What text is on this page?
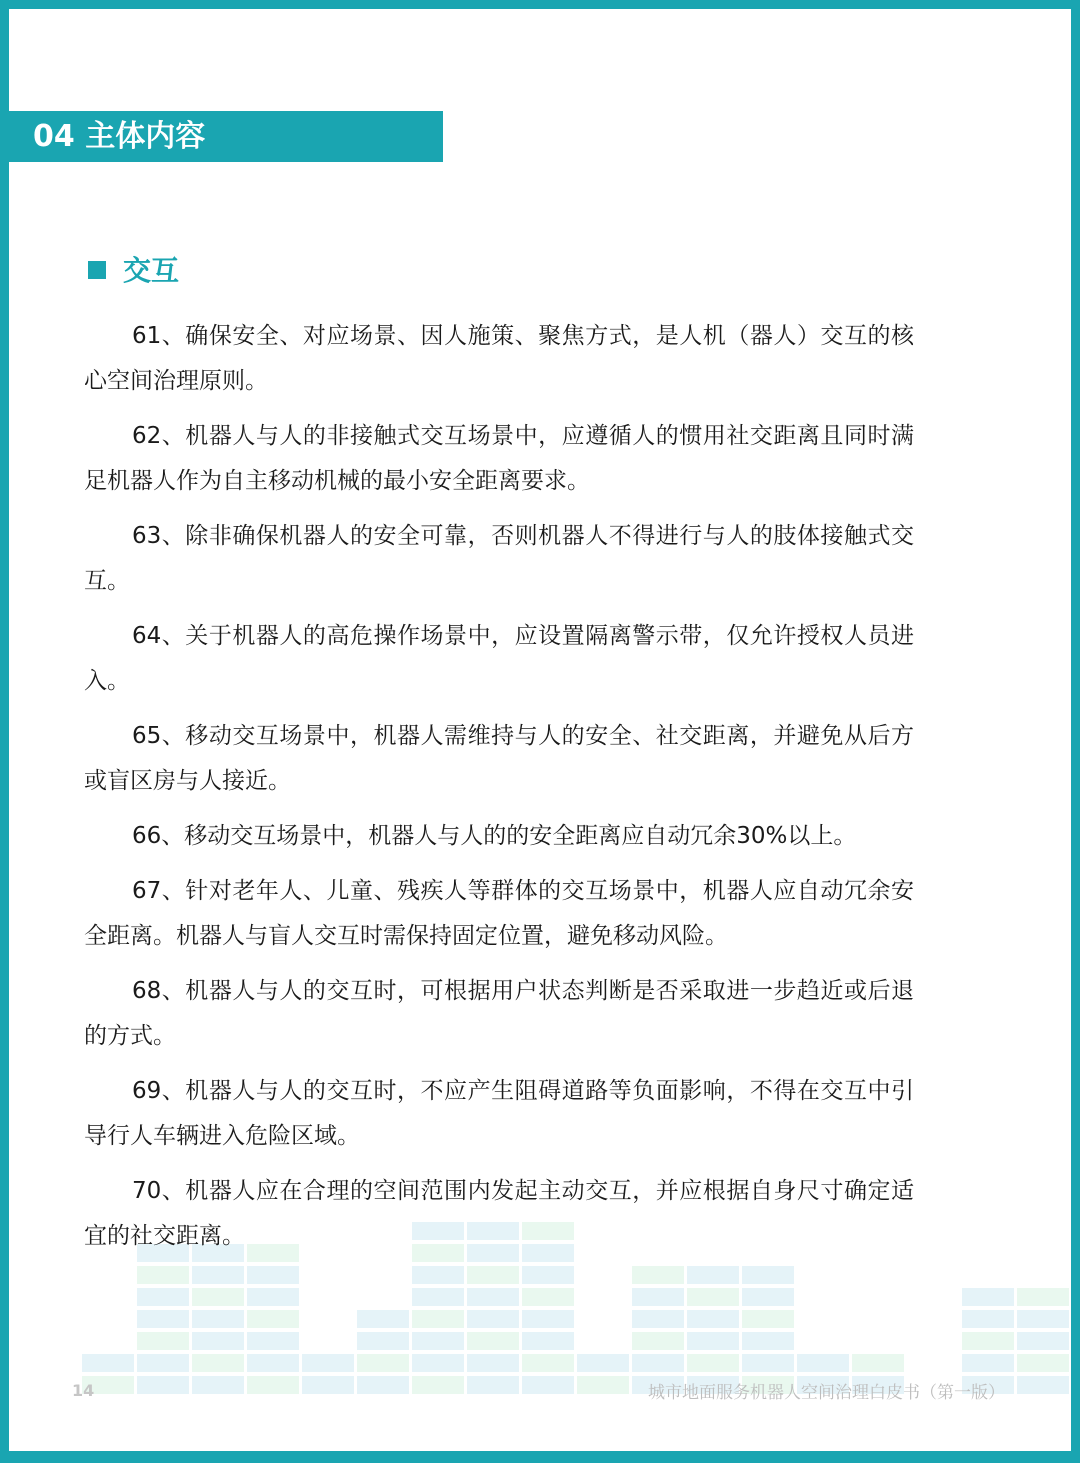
04 主体内容
交互

61、确保安全、对应场景、因人施策、聚焦方式，是人机（器人）交互的核心空间治理原则。

62、机器人与人的非接触式交互场景中，应遵循人的惯用社交距离且同时满足机器人作为自主移动机械的最小安全距离要求。

63、除非确保机器人的安全可靠，否则机器人不得进行与人的肢体接触式交互。

64、关于机器人的高危操作场景中，应设置隔离警示带，仅允许授权人员进入。

65、移动交互场景中，机器人需维持与人的安全、社交距离，并避免从后方或盲区房与人接近。

66、移动交互场景中，机器人与人的的安全距离应自动冗余30%以上。

67、针对老年人、儿童、残疾人等群体的交互场景中，机器人应自动冗余安全距离。机器人与盲人交互时需保持固定位置，避免移动风险。

68、机器人与人的交互时，可根据用户状态判断是否采取进一步趋近或后退的方式。

69、机器人与人的交互时，不应产生阻碍道路等负面影响，不得在交互中引导行人车辆进入危险区域。

70、机器人应在合理的空间范围内发起主动交互，并应根据自身尺寸确定适宜的社交距离。

14	城市地面服务机器人空间治理白皮书（第一版）
